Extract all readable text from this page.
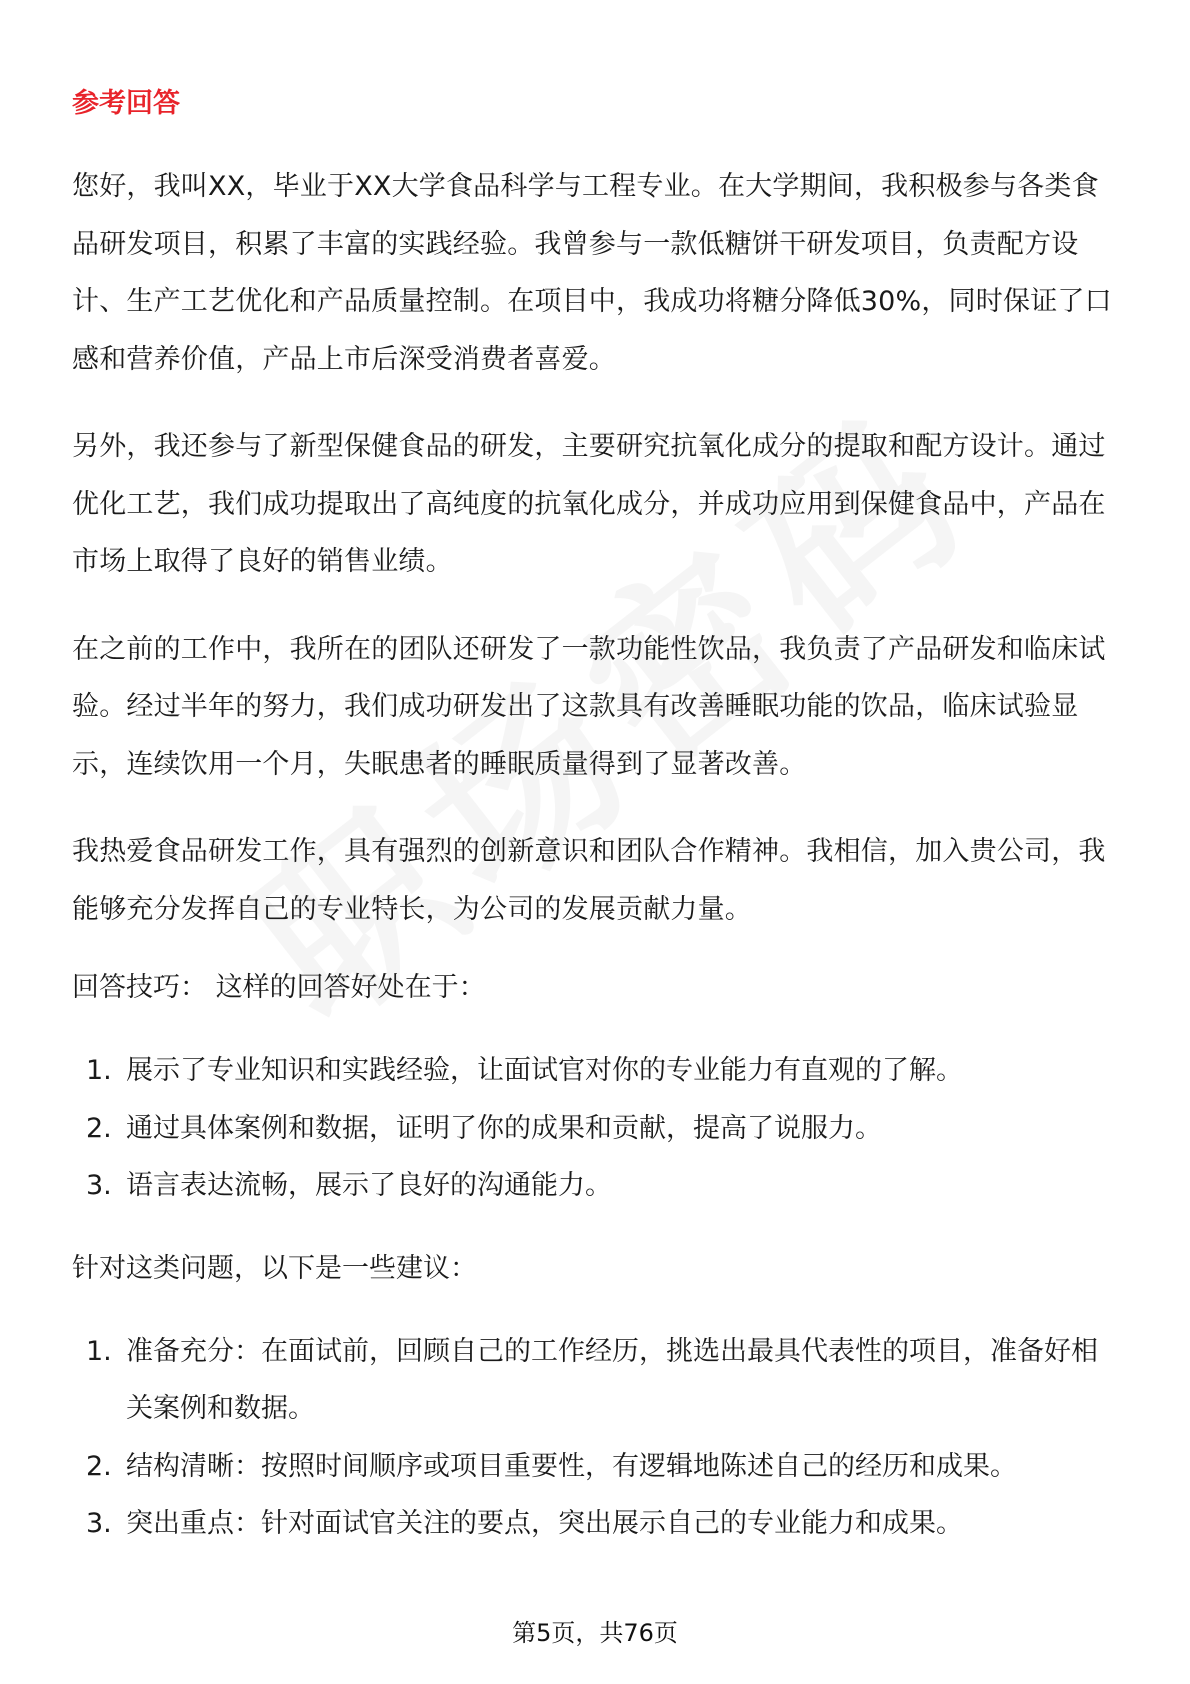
参考回答

您好，我叫XX，毕业于XX大学食品科学与工程专业。在大学期间，我积极参与各类食品研发项目，积累了丰富的实践经验。我曾参与一款低糖饼干研发项目，负责配方设计、生产工艺优化和产品质量控制。在项目中，我成功将糖分降低30%，同时保证了口感和营养价值，产品上市后深受消费者喜爱。

另外，我还参与了新型保健食品的研发，主要研究抗氧化成分的提取和配方设计。通过优化工艺，我们成功提取出了高纯度的抗氧化成分，并成功应用到保健食品中，产品在市场上取得了良好的销售业绩。

在之前的工作中，我所在的团队还研发了一款功能性饮品，我负责了产品研发和临床试验。经过半年的努力，我们成功研发出了这款具有改善睡眠功能的饮品，临床试验显示，连续饮用一个月，失眠患者的睡眠质量得到了显著改善。

我热爱食品研发工作，具有强烈的创新意识和团队合作精神。我相信，加入贵公司，我能够充分发挥自己的专业特长，为公司的发展贡献力量。

回答技巧： 这样的回答好处在于：
1. 展示了专业知识和实践经验，让面试官对你的专业能力有直观的了解。
2. 通过具体案例和数据，证明了你的成果和贡献，提高了说服力。
3. 语言表达流畅，展示了良好的沟通能力。
针对这类问题，以下是一些建议：
1. 准备充分：在面试前，回顾自己的工作经历，挑选出最具代表性的项目，准备好相关案例和数据。
2. 结构清晰：按照时间顺序或项目重要性，有逻辑地陈述自己的经历和成果。
3. 突出重点：针对面试官关注的要点，突出展示自己的专业能力和成果。
第5页，共76页
